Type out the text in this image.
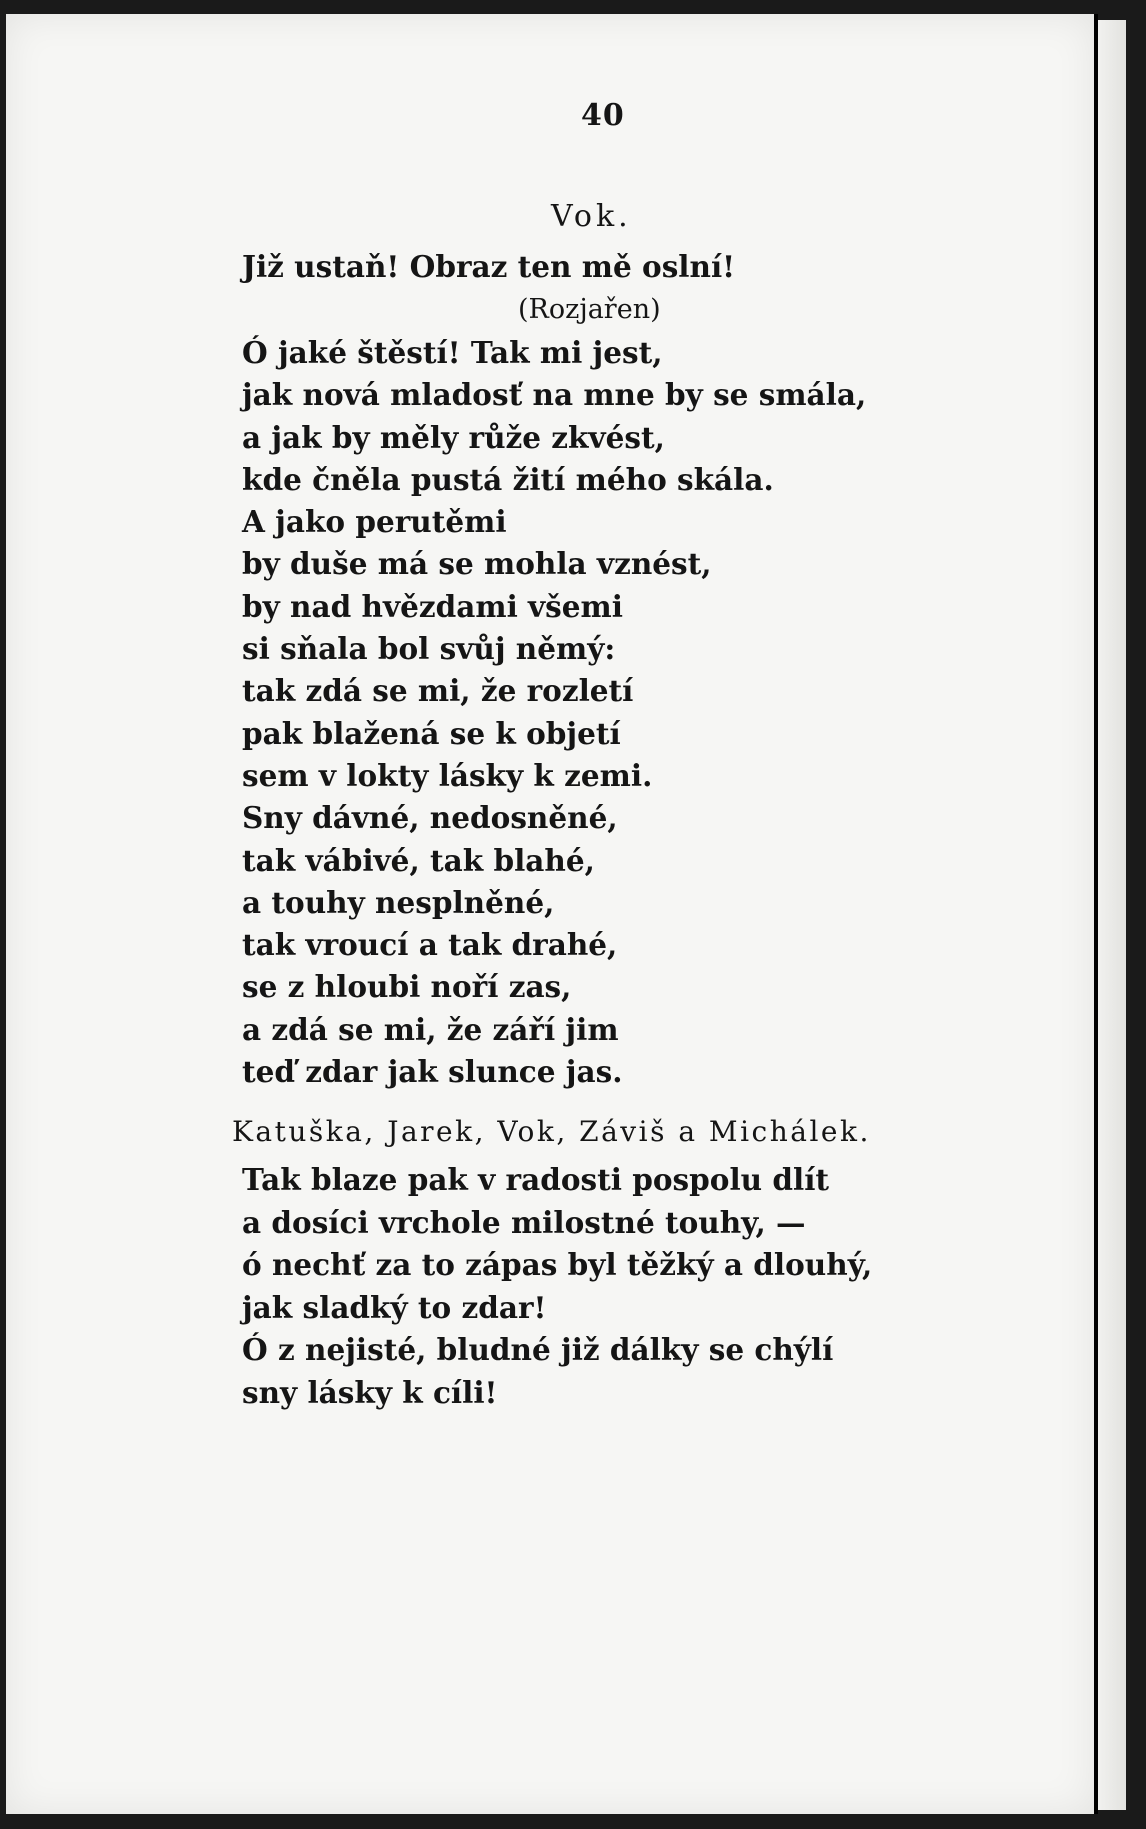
40
Vok.
Již ustaň! Obraz ten mě oslní!
(Rozjařen)
Ó jaké štěstí! Tak mi jest,
jak nová mladosť na mne by se smála,
a jak by měly růže zkvést,
kde čněla pustá žití mého skála.
A jako perutěmi
by duše má se mohla vznést,
by nad hvězdami všemi
si sňala bol svůj němý:
tak zdá se mi, že rozletí
pak blažená se k objetí
sem v lokty lásky k zemi.
Sny dávné, nedosněné,
tak vábivé, tak blahé,
a touhy nesplněné,
tak vroucí a tak drahé,
se z hloubi noří zas,
a zdá se mi, že září jim
teď zdar jak slunce jas.
Katuška, Jarek, Vok, Záviš a Michálek.
Tak blaze pak v radosti pospolu dlít
a dosíci vrchole milostné touhy, —
ó nechť za to zápas byl těžký a dlouhý,
jak sladký to zdar!
Ó z nejisté, bludné již dálky se chýlí
sny lásky k cíli!
